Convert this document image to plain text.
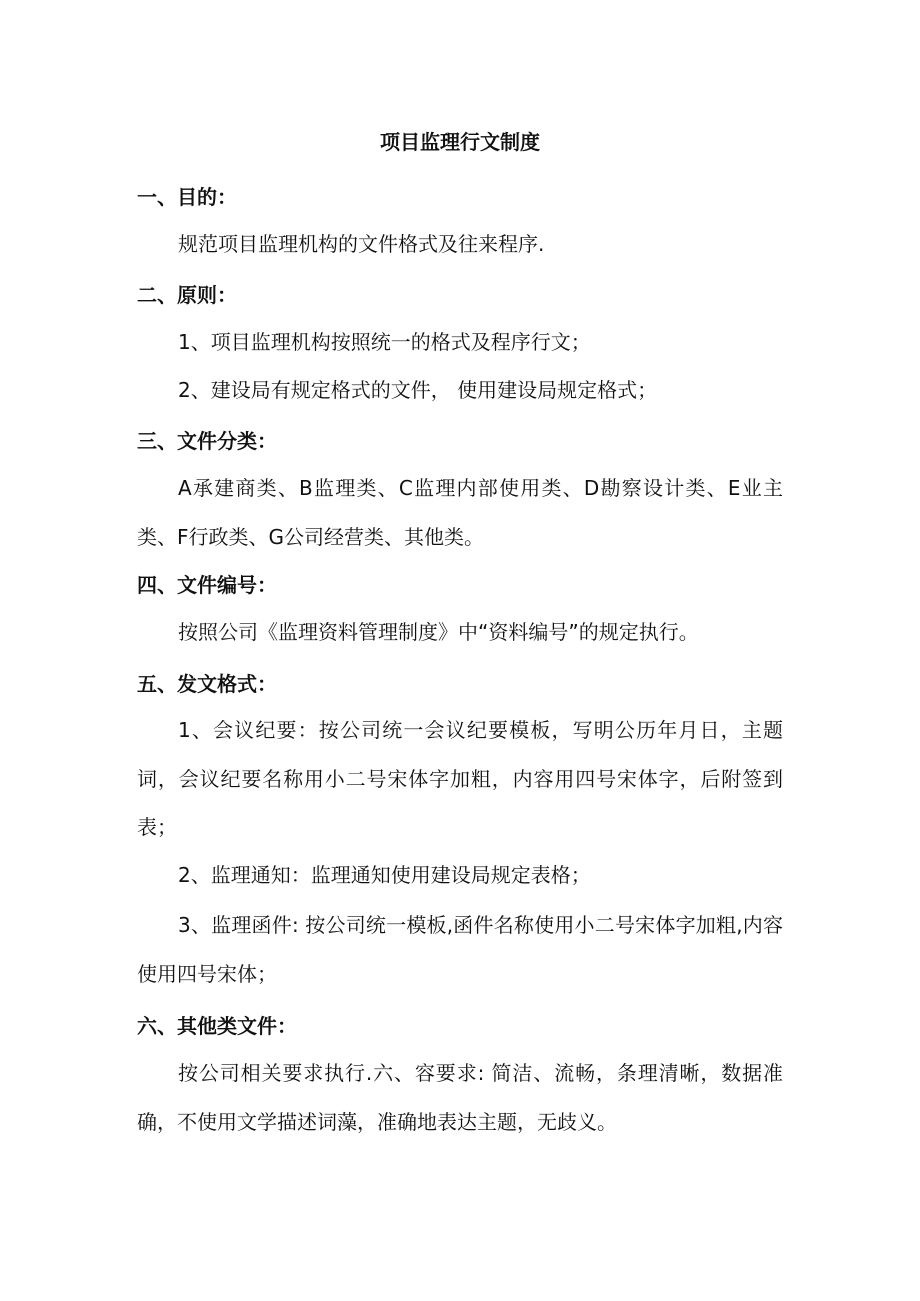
项目监理行文制度
一、目的：

规范项目监理机构的文件格式及往来程序.

二、原则：

1、项目监理机构按照统一的格式及程序行文；

2、建设局有规定格式的文件， 使用建设局规定格式；

三、文件分类：

A承建商类、B监理类、C监理内部使用类、D勘察设计类、E业主类、F行政类、G公司经营类、其他类。

四、文件编号：

按照公司《监理资料管理制度》中“资料编号”的规定执行。

五、发文格式：

1、会议纪要：按公司统一会议纪要模板，写明公历年月日，主题词，会议纪要名称用小二号宋体字加粗，内容用四号宋体字，后附签到表；

2、监理通知：监理通知使用建设局规定表格；

3、监理函件: 按公司统一模板,函件名称使用小二号宋体字加粗,内容使用四号宋体；

六、其他类文件：

按公司相关要求执行.六、容要求: 简洁、流畅，条理清晰，数据准确，不使用文学描述词藻，准确地表达主题，无歧义。
